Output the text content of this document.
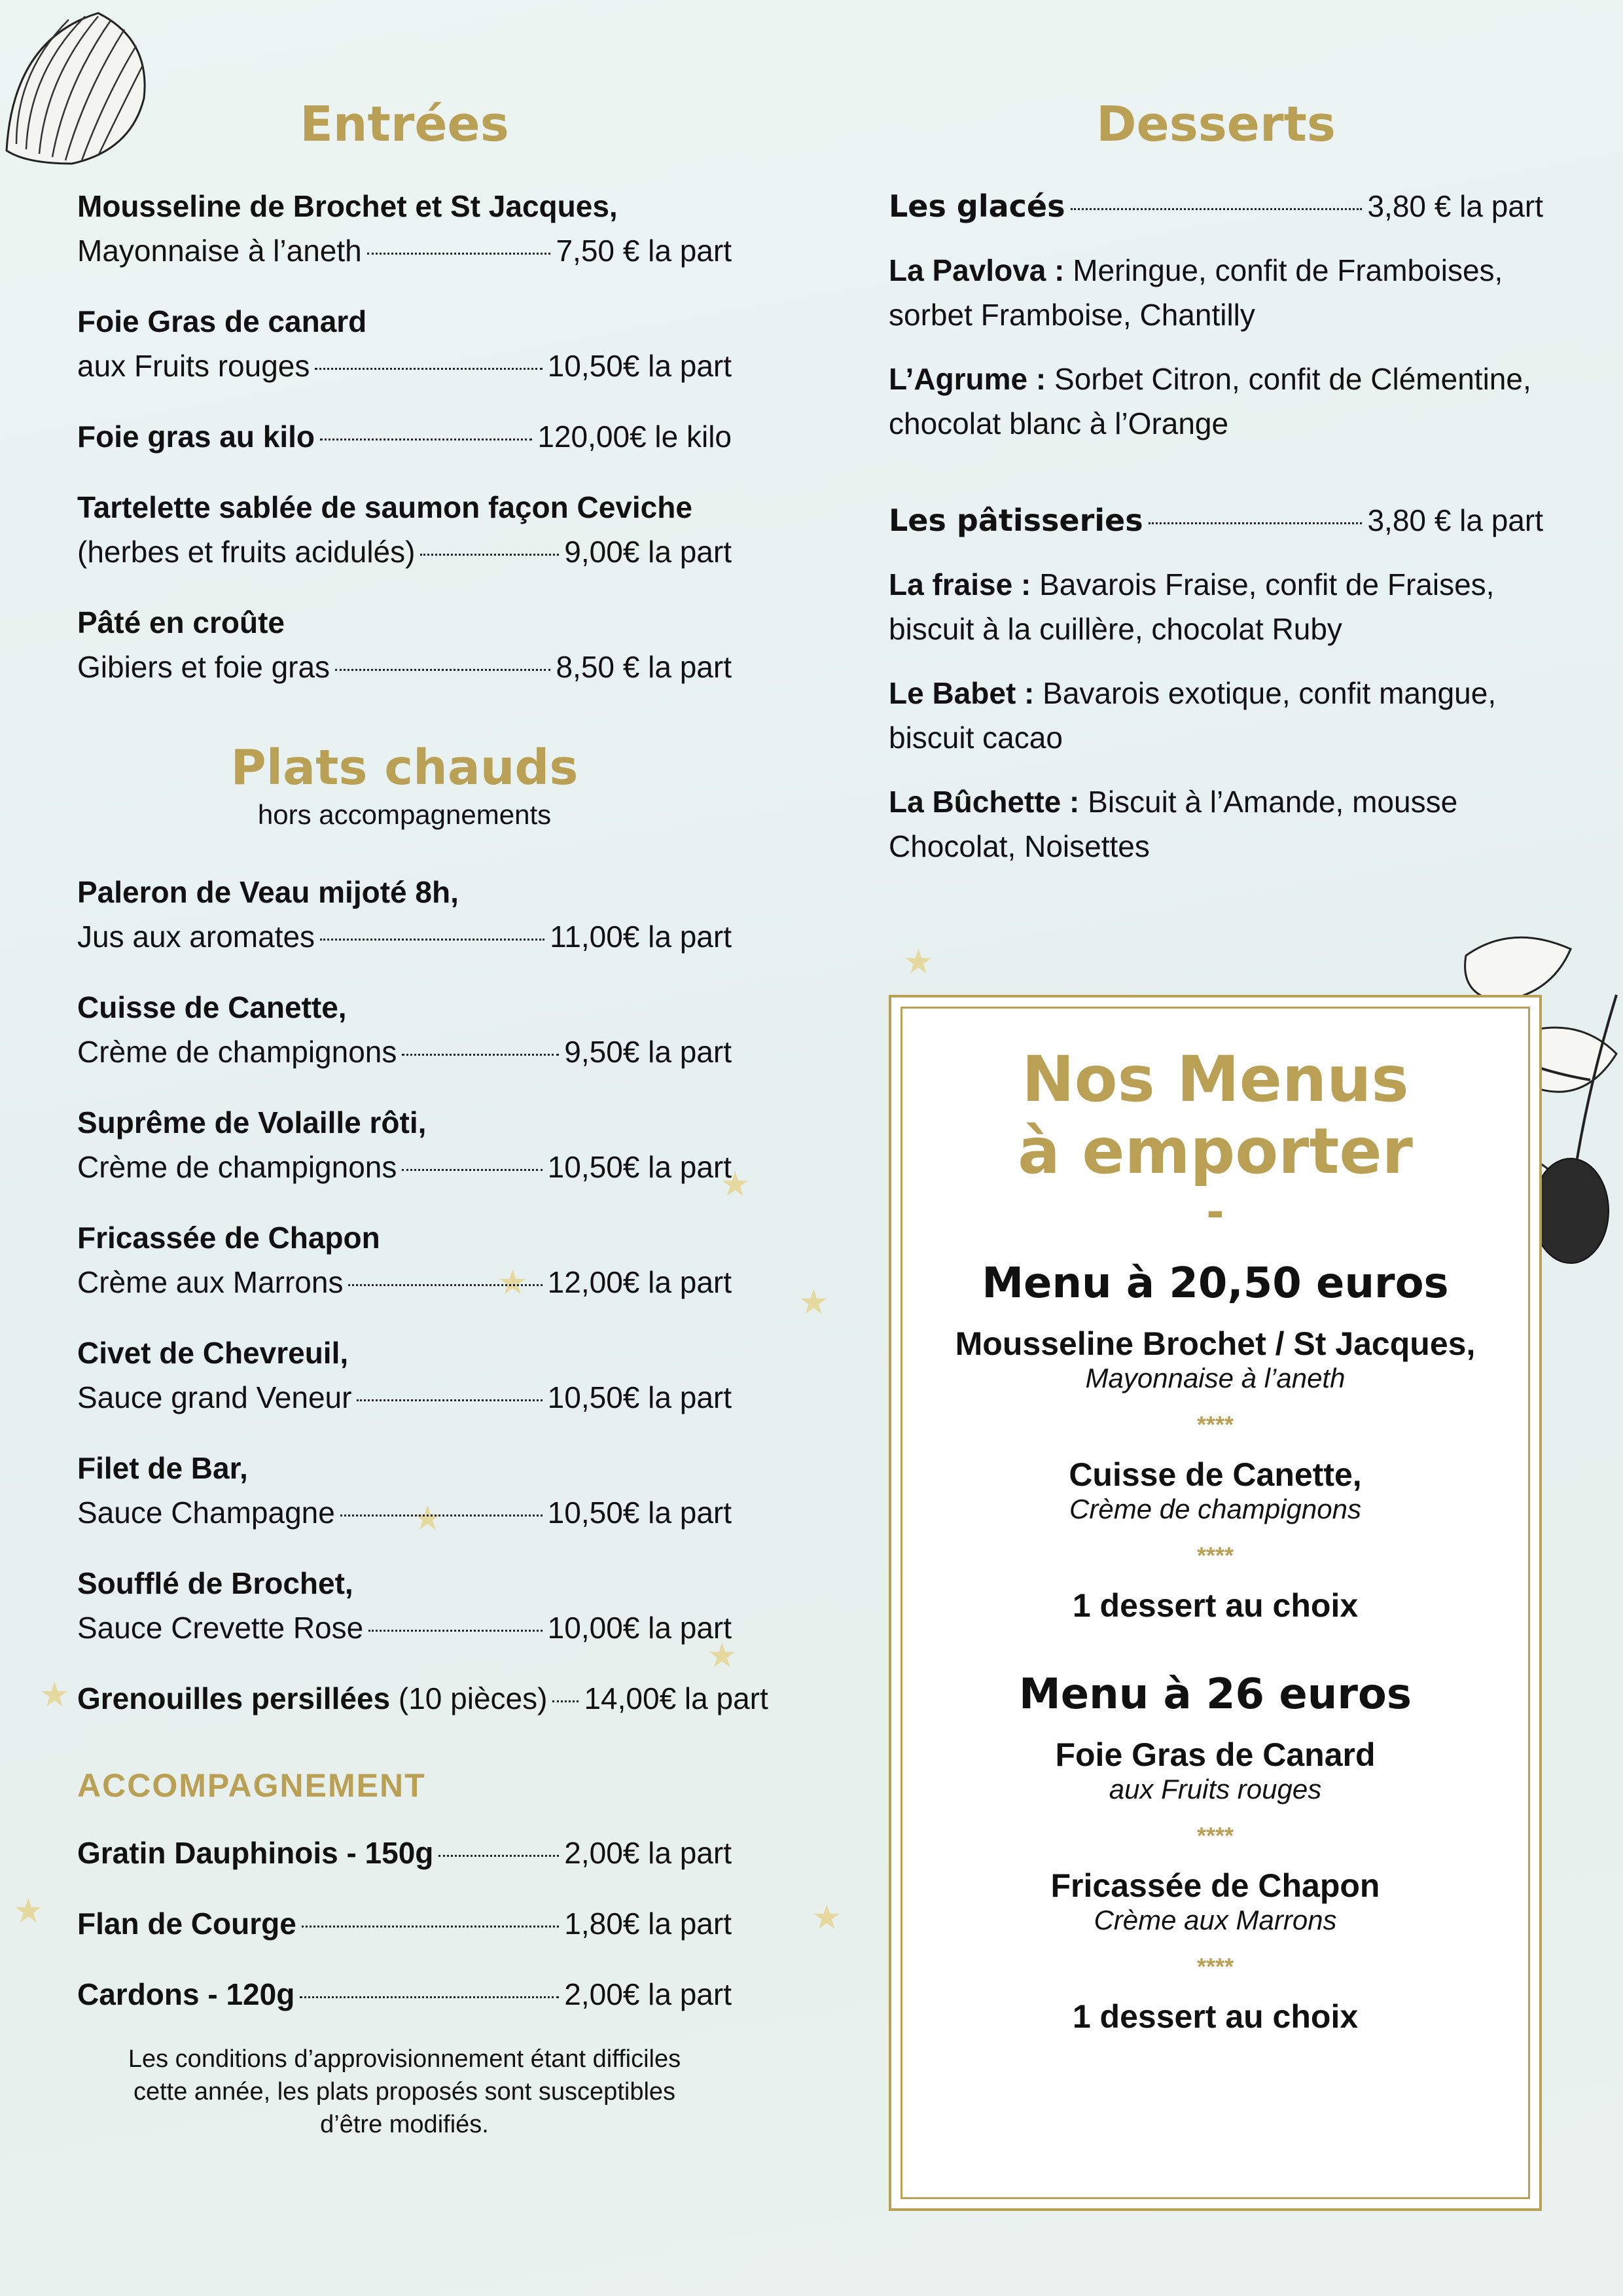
★
★
★
★
★
★
★	★
★
Entrées
Mousseline de Brochet et St Jacques,
Mayonnaise à l’aneth	7,50 € la part
Foie Gras de canard
aux Fruits rouges	10,50€ la part
Foie gras au kilo	120,00€ le kilo
Tartelette sablée de saumon façon Ceviche
(herbes et fruits acidulés)	9,00€ la part
Pâté en croûte
Gibiers et foie gras	8,50 € la part
Plats chauds
hors accompagnements
Paleron de Veau mijoté 8h,
Jus aux aromates	11,00€ la part
Cuisse de Canette,
Crème de champignons	9,50€ la part
Suprême de Volaille rôti,
Crème de champignons	10,50€ la part
Fricassée de Chapon
Crème aux Marrons	12,00€ la part
Civet de Chevreuil,
Sauce grand Veneur	10,50€ la part
Filet de Bar,
Sauce Champagne	10,50€ la part
Soufflé de Brochet,
Sauce Crevette Rose	10,00€ la part
Grenouilles persillées (10 pièces) 14,00€ la part
ACCOMPAGNEMENT
Gratin Dauphinois - 150g	2,00€ la part
Flan de Courge	1,80€ la part
Cardons - 120g	2,00€ la part
Les conditions d’approvisionnement étant difficiles cette année, les plats proposés sont susceptibles d’être modifiés.
Desserts
Les glacés	3,80 € la part
La Pavlova : Meringue, confit de Framboises, sorbet Framboise, Chantilly
L’Agrume : Sorbet Citron, confit de Clémentine, chocolat blanc à l’Orange
Les pâtisseries	3,80 € la part
La fraise : Bavarois Fraise, confit de Fraises, biscuit à la cuillère, chocolat Ruby
Le Babet : Bavarois exotique, confit mangue, biscuit cacao
La Bûchette : Biscuit à l’Amande, mousse Chocolat, Noisettes
Nos Menus
à emporter
-
Menu à 20,50 euros
Mousseline Brochet / St Jacques,
Mayonnaise à l’aneth
****
Cuisse de Canette,
Crème de champignons
****
1 dessert au choix
Menu à 26 euros
Foie Gras de Canard
aux Fruits rouges
****
Fricassée de Chapon
Crème aux Marrons
****
1 dessert au choix
